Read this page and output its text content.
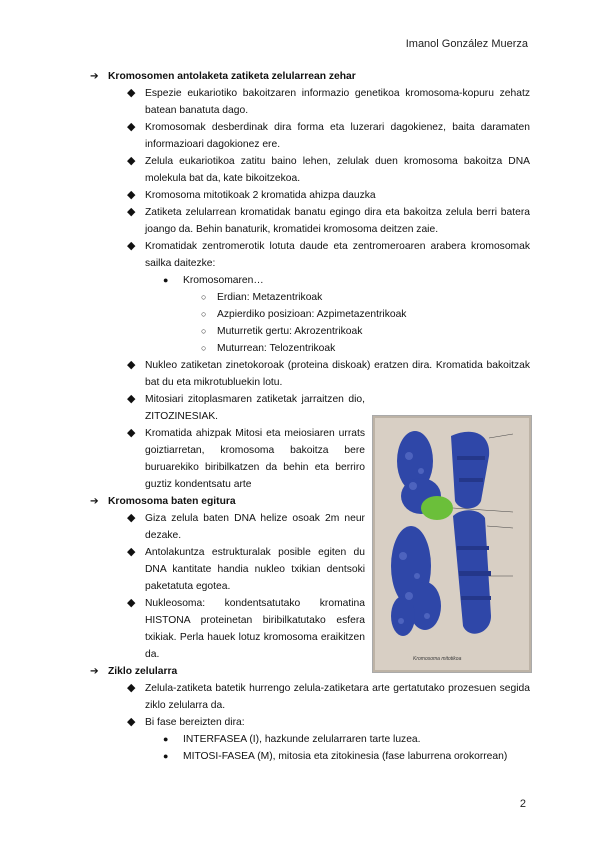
Imanol González Muerza
➔ Kromosomen antolaketa zatiketa zelularrean zehar
◆ Espezie eukariotiko bakoitzaren informazio genetikoa kromosoma-kopuru zehatz batean banatuta dago.
◆ Kromosomak desberdinak dira forma eta luzerari dagokienez, baita daramaten informazioari dagokionez ere.
◆ Zelula eukariotikoa zatitu baino lehen, zelulak duen kromosoma bakoitza DNA molekula bat da, kate bikoitzekoa.
◆ Kromosoma mitotikoak 2 kromatida ahizpa dauzka
◆ Zatiketa zelularrean kromatidak banatu egingo dira eta bakoitza zelula berri batera joango da. Behin banaturik, kromatidei kromosoma deitzen zaie.
◆ Kromatidak zentromerotik lotuta daude eta zentromeroaren arabera kromosomak sailka daitezke:
● Kromosomaren…
○ Erdian: Metazentrikoak
○ Azpierdiko posizioan: Azpimetazentrikoak
○ Muturretik gertu: Akrozentrikoak
○ Muturrean: Telozentrikoak
◆ Nukleo zatiketan zinetokoroak (proteina diskoak) eratzen dira. Kromatida bakoitzak bat du eta mikrotubluekin lotu.
◆ Mitosiari zitoplasmaren zatiketak jarraitzen dio, ZITOZINESIAK.
◆ Kromatida ahizpak Mitosi eta meiosiaren urrats goiztiarretan, kromosoma bakoitza bere buruarekiko biribilkatzen da behin eta berriro guztiz kondentsatu arte
➔ Kromosoma baten egitura
◆ Giza zelula baten DNA helize osoak 2m neur dezake.
◆ Antolakuntza estrukturalak posible egiten du DNA kantitate handia nukleo txikian dentsoki paketatuta egotea.
◆ Nukleosoma: kondentsatutako kromatina HISTONA proteinetan biribilkatutako esfera txikiak. Perla hauek lotuz kromosoma eraikitzen da.
➔ Ziklo zelularra
◆ Zelula-zatiketa batetik hurrengo zelula-zatiketara arte gertatutako prozesuen segida ziklo zelularra da.
◆ Bi fase bereizten dira:
● INTERFASEA (I), hazkunde zelularraren tarte luzea.
● MITOSI-FASEA (M), mitosia eta zitokinesia (fase laburrena orokorrean)
Kromosoma mitotikoa
2
